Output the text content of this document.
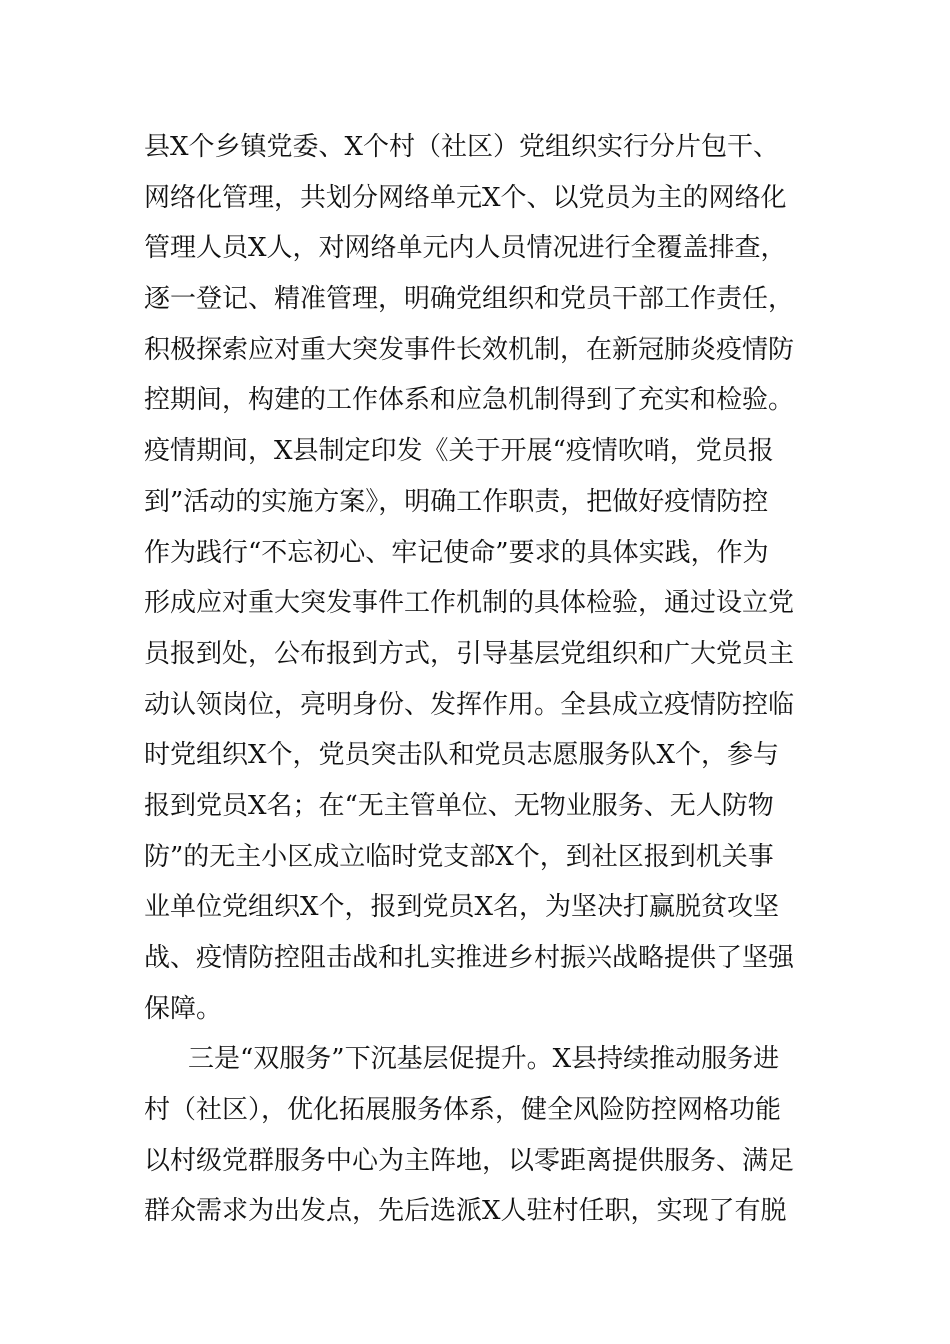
县X个乡镇党委、X个村（社区）党组织实行分片包干、
网络化管理，共划分网络单元X个、以党员为主的网络化
管理人员X人，对网络单元内人员情况进行全覆盖排查，
逐一登记、精准管理，明确党组织和党员干部工作责任，
积极探索应对重大突发事件长效机制，在新冠肺炎疫情防
控期间，构建的工作体系和应急机制得到了充实和检验。
疫情期间，X县制定印发《关于开展“疫情吹哨，党员报
到”活动的实施方案》，明确工作职责，把做好疫情防控
作为践行“不忘初心、牢记使命”要求的具体实践，作为
形成应对重大突发事件工作机制的具体检验，通过设立党
员报到处，公布报到方式，引导基层党组织和广大党员主
动认领岗位，亮明身份、发挥作用。全县成立疫情防控临
时党组织X个，党员突击队和党员志愿服务队X个，参与
报到党员X名；在“无主管单位、无物业服务、无人防物
防”的无主小区成立临时党支部X个，到社区报到机关事
业单位党组织X个，报到党员X名，为坚决打赢脱贫攻坚
战、疫情防控阻击战和扎实推进乡村振兴战略提供了坚强
保障。
三是“双服务”下沉基层促提升。X县持续推动服务进
村（社区），优化拓展服务体系，健全风险防控网格功能
以村级党群服务中心为主阵地，以零距离提供服务、满足
群众需求为出发点，先后选派X人驻村任职，实现了有脱
